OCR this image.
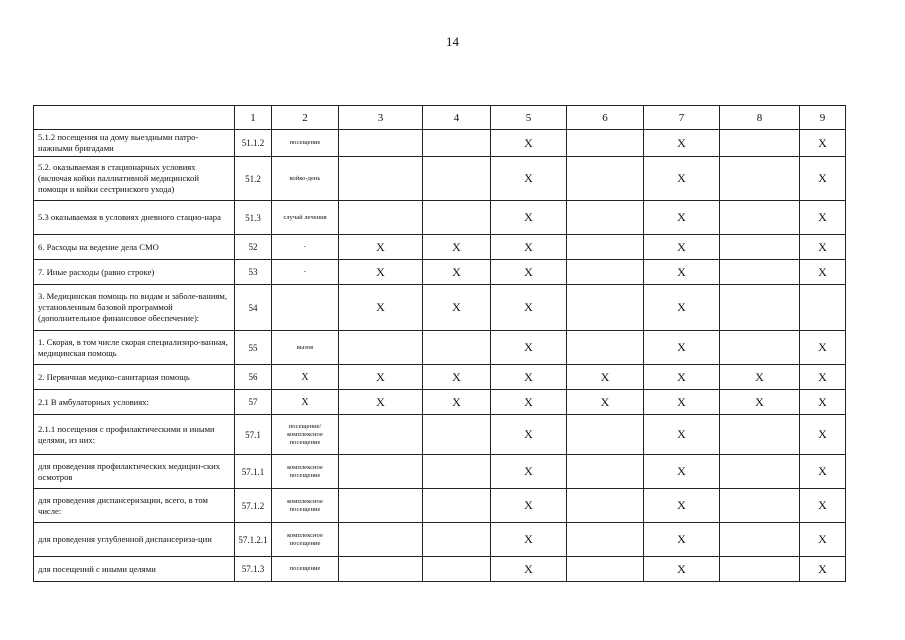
14
	1	2	3	4	5	6	7	8	9
5.1.2 посещения на дому выездными патро-нажными бригадами	51.1.2	посещение			X		X		X
5.2. оказываемая в стационарных условиях (включая койки паллиативной медицинской помощи и койки сестринского ухода)	51.2	койко-день			X		X		X
5.3 оказываемая в условиях дневного стацио-нара	51.3	случай лечения			X		X		X
6. Расходы на ведение дела СМО	52	-	X	X	X		X		X
7. Иные расходы (равно строке)	53	-	X	X	X		X		X
3. Медицинская помощь по видам и заболе-ваниям, установленным базовой программой (дополнительное финансовое обеспечение):	54		X	X	X		X		
1. Скорая, в том числе скорая специализиро-ванная, медицинская помощь	55	вызов			X		X		X
2. Первичная медико-санитарная помощь	56	X	X	X	X	X	X	X	X
2.1 В амбулаторных условиях:	57	X	X	X	X	X	X	X	X
2.1.1 посещения с профилактическими и иными целями, из них:	57.1	посещение/ комплексное посещение			X		X		X
для проведения профилактических медицин-ских осмотров	57.1.1	комплексное посещение			X		X		X
для проведения диспансеризации, всего, в том числе:	57.1.2	комплексное посещение			X		X		X
для проведения углубленной диспансериза-ции	57.1.2.1	комплексное посещение			X		X		X
для посещений с иными целями	57.1.3	посещение			X		X		X
